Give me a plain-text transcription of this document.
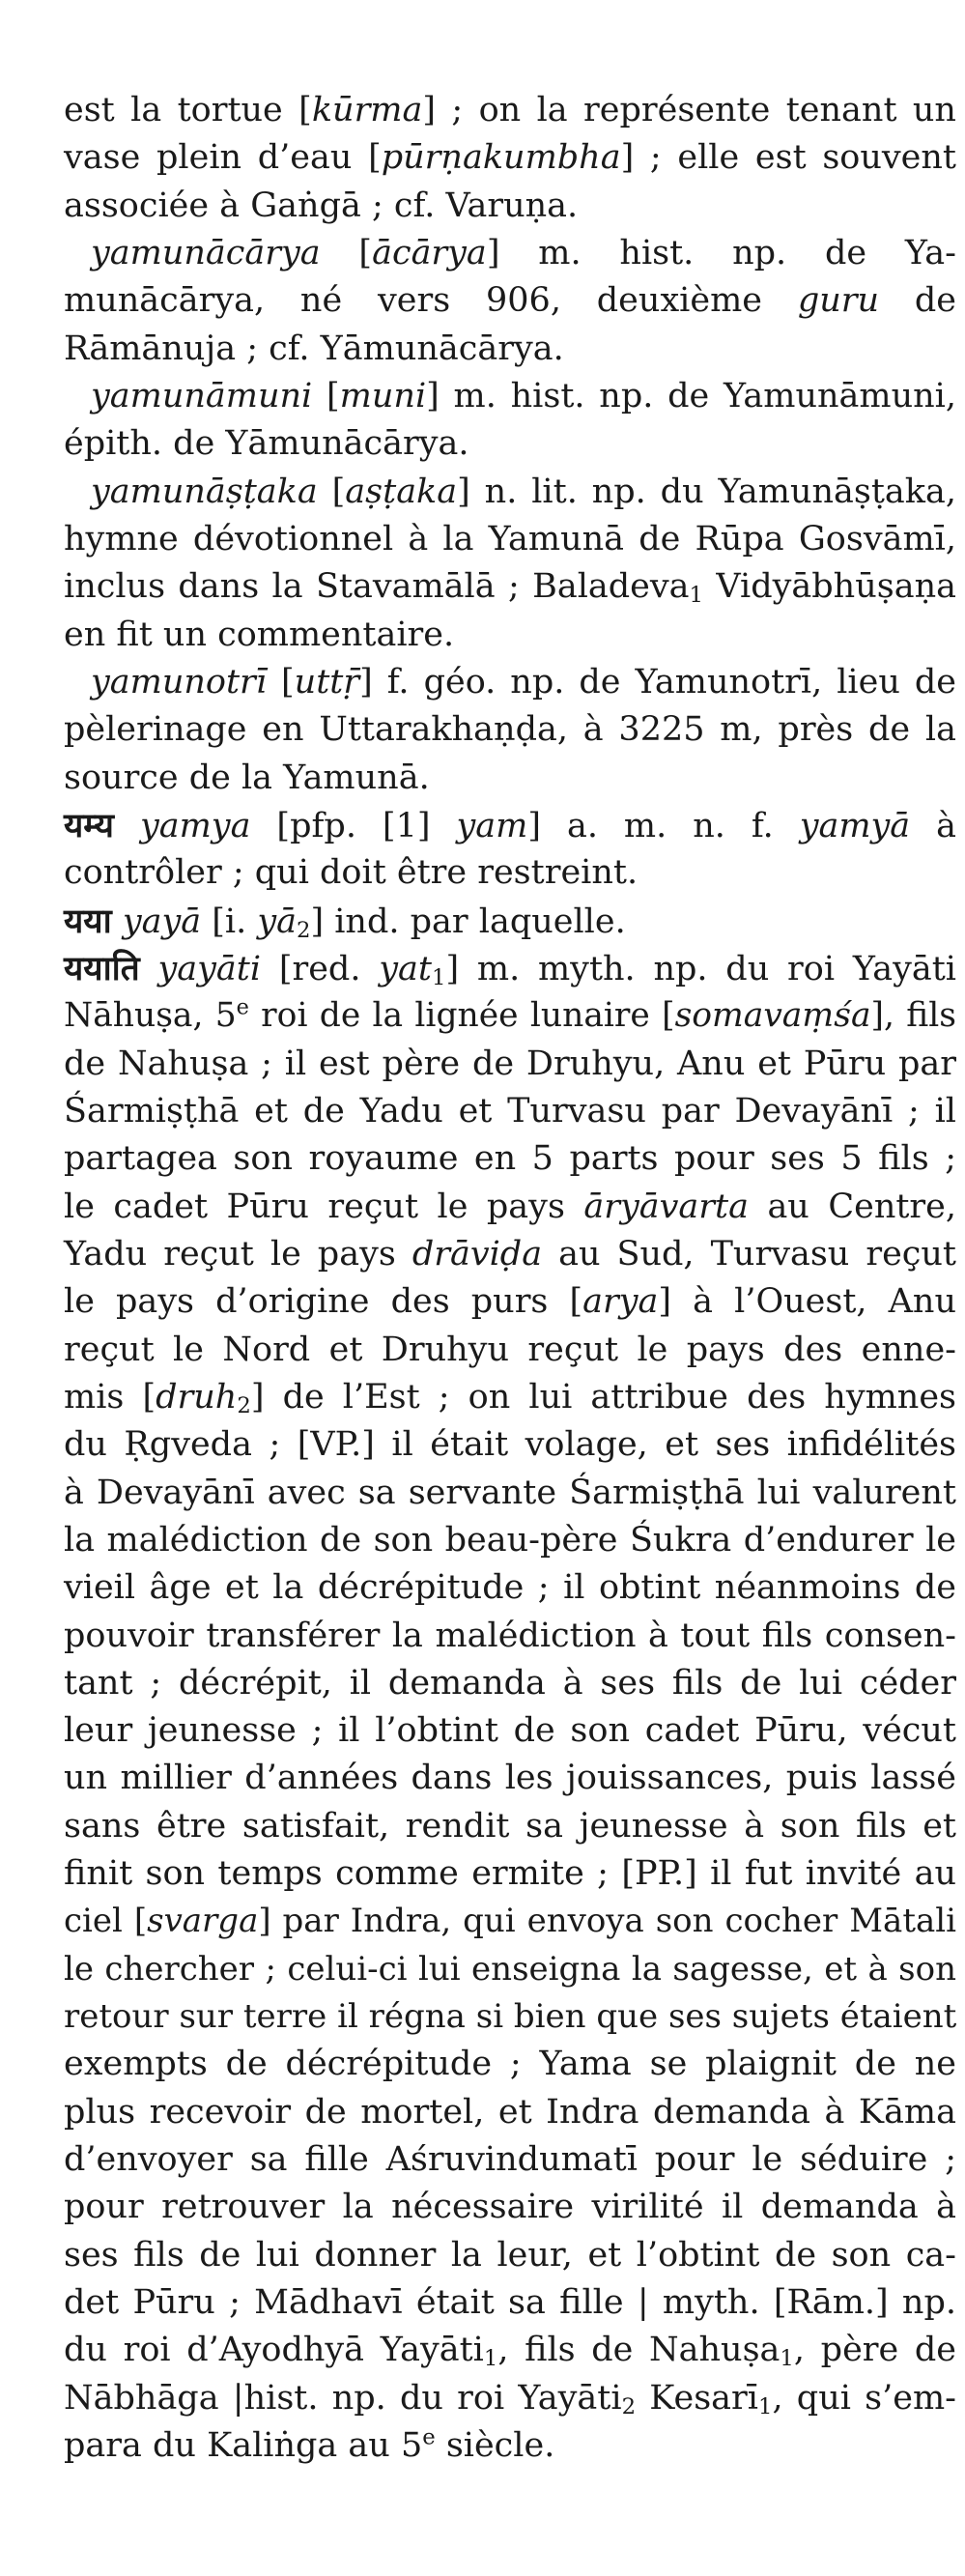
est la tortue [kūrma] ; on la représente tenant un
vase plein d’eau [pūrṇakumbha] ; elle est souvent
associée à Gaṅgā ; cf. Varuṇa.
yamunācārya [ācārya] m. hist. np. de Ya-
munācārya, né vers 906, deuxième guru de
Rāmānuja ; cf. Yāmunācārya.
yamunāmuni [muni] m. hist. np. de Yamunāmuni,
épith. de Yāmunācārya.
yamunāṣṭaka [aṣṭaka] n. lit. np. du Yamunāṣṭaka,
hymne dévotionnel à la Yamunā de Rūpa Gosvāmī,
inclus dans la Stavamālā ; Baladeva$_1$ Vidyābhūṣaṇa
en fit un commentaire.
yamunotrī [uttṝ] f. géo. np. de Yamunotrī, lieu de
pèlerinage en Uttarakhaṇḍa, à 3225 m, près de la
source de la Yamunā.
यम्य yamya [pfp. [1] yam] a. m. n. f. yamyā à
contrôler ; qui doit être restreint.
यया yayā [i. $yā_2$] ind. par laquelle.
ययाति yayāti [red. yat$_1$] m. myth. np. du roi Yayāti
Nāhuṣa, 5e roi de la lignée lunaire [somavaṃśa], fils
de Nahuṣa ; il est père de Druhyu, Anu et Pūru par
Śarmiṣṭhā et de Yadu et Turvasu par Devayānī ; il
partagea son royaume en 5 parts pour ses 5 fils ;
le cadet Pūru reçut le pays āryāvarta au Centre,
Yadu reçut le pays drāviḍa au Sud, Turvasu reçut
le pays d’origine des purs [arya] à l’Ouest, Anu
reçut le Nord et Druhyu reçut le pays des enne-
mis [druh$_2$] de l’Est ; on lui attribue des hymnes
du Ṛgveda ; [VP.] il était volage, et ses infidélités
à Devayānī avec sa servante Śarmiṣṭhā lui valurent
la malédiction de son beau-père Śukra d’endurer le
vieil âge et la décrépitude ; il obtint néanmoins de
pouvoir transférer la malédiction à tout fils consen-
tant ; décrépit, il demanda à ses fils de lui céder
leur jeunesse ; il l’obtint de son cadet Pūru, vécut
un millier d’années dans les jouissances, puis lassé
sans être satisfait, rendit sa jeunesse à son fils et
finit son temps comme ermite ; [PP.] il fut invité au
ciel [svarga] par Indra, qui envoya son cocher Mātali
le chercher ; celui-ci lui enseigna la sagesse, et à son
retour sur terre il régna si bien que ses sujets étaient
exempts de décrépitude ; Yama se plaignit de ne
plus recevoir de mortel, et Indra demanda à Kāma
d’envoyer sa fille Aśruvindumatī pour le séduire ;
pour retrouver la nécessaire virilité il demanda à
ses fils de lui donner la leur, et l’obtint de son ca-
det Pūru ; Mādhavī était sa fille | myth. [Rām.] np.
du roi d’Ayodhyā Yayāti$_1$, fils de Nahuṣa$_1$, père de
Nābhāga |hist. np. du roi Yayāti$_2$ Kesarī$_1$, qui s’em-
para du Kaliṅga au 5e siècle.
